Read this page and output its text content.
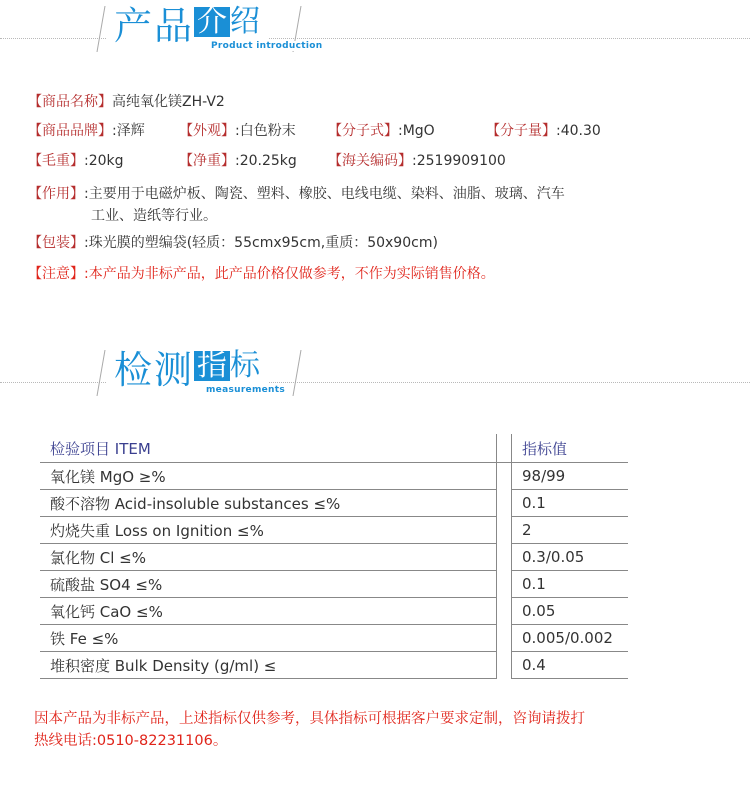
产品 介 绍
Product introduction
【商品名称】高纯氧化镁ZH-V2
【商品品牌】:泽辉 【外观】:白色粉末 【分子式】:MgO	【分子量】:40.30
【毛重】:20kg	【净重】:20.25kg 【海关编码】:2519909100
【作用】:主要用于电磁炉板、陶瓷、塑料、橡胶、电线电缆、染料、油脂、玻璃、汽车
工业、造纸等行业。
【包装】:珠光膜的塑编袋(轻质：55cmx95cm,重质：50x90cm)
【注意】:本产品为非标产品，此产品价格仅做参考，不作为实际销售价格。
检测 指 标
measurements
检验项目 ITEM		指标值
氧化镁 MgO ≥%		98/99
酸不溶物 Acid-insoluble substances ≤%		0.1
灼烧失重 Loss on Ignition ≤%		2
氯化物 Cl ≤%		0.3/0.05
硫酸盐 SO4 ≤%		0.1
氧化钙 CaO ≤%		0.05
铁 Fe ≤%		0.005/0.002
堆积密度 Bulk Density (g/ml) ≤		0.4
因本产品为非标产品，上述指标仅供参考，具体指标可根据客户要求定制，咨询请拨打
热线电话:0510-82231106。
